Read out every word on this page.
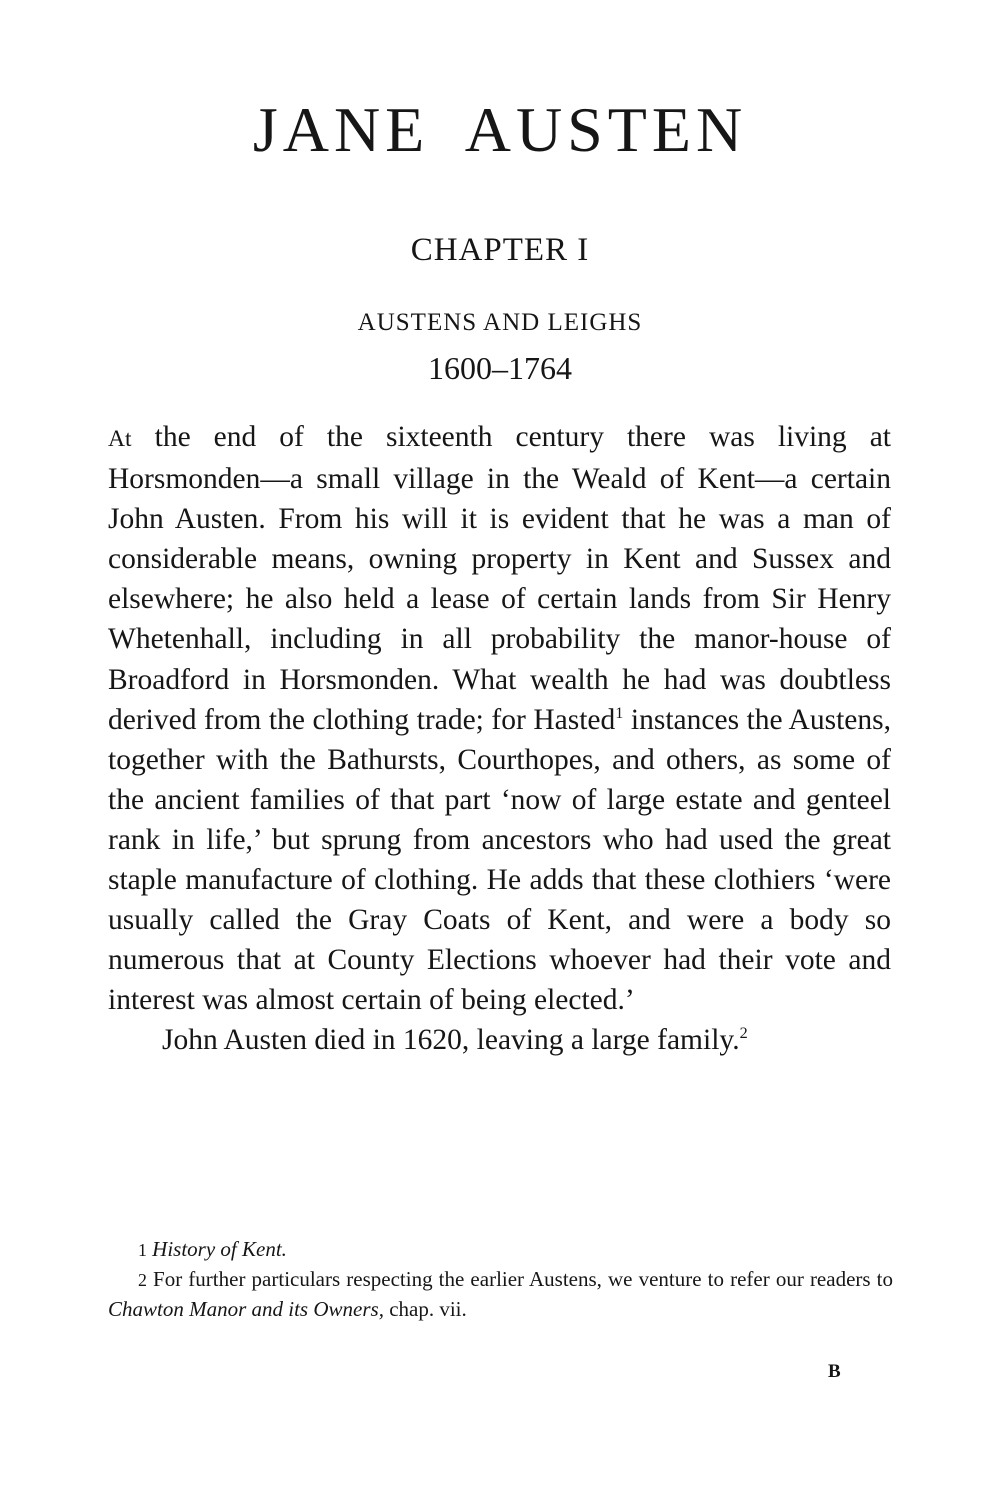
JANE AUSTEN
CHAPTER I
AUSTENS AND LEIGHS
1600–1764

At the end of the sixteenth century there was living at Horsmonden—a small village in the Weald of Kent—a certain John Austen. From his will it is evident that he was a man of considerable means, owning property in Kent and Sussex and elsewhere; he also held a lease of certain lands from Sir Henry Whetenhall, including in all probability the manor-house of Broadford in Horsmonden. What wealth he had was doubtless derived from the clothing trade; for Hasted$^1$ instances the Austens, together with the Bathursts, Courthopes, and others, as some of the ancient families of that part ‘now of large estate and genteel rank in life,’ but sprung from ancestors who had used the great staple manufacture of clothing. He adds that these clothiers ‘were usually called the Gray Coats of Kent, and were a body so numerous that at County Elections whoever had their vote and interest was almost certain of being elected.’

John Austen died in 1620, leaving a large family.$^2$

1 History of Kent.

2 For further particulars respecting the earlier Austens, we venture to refer our readers to Chawton Manor and its Owners, chap. vii.

B
